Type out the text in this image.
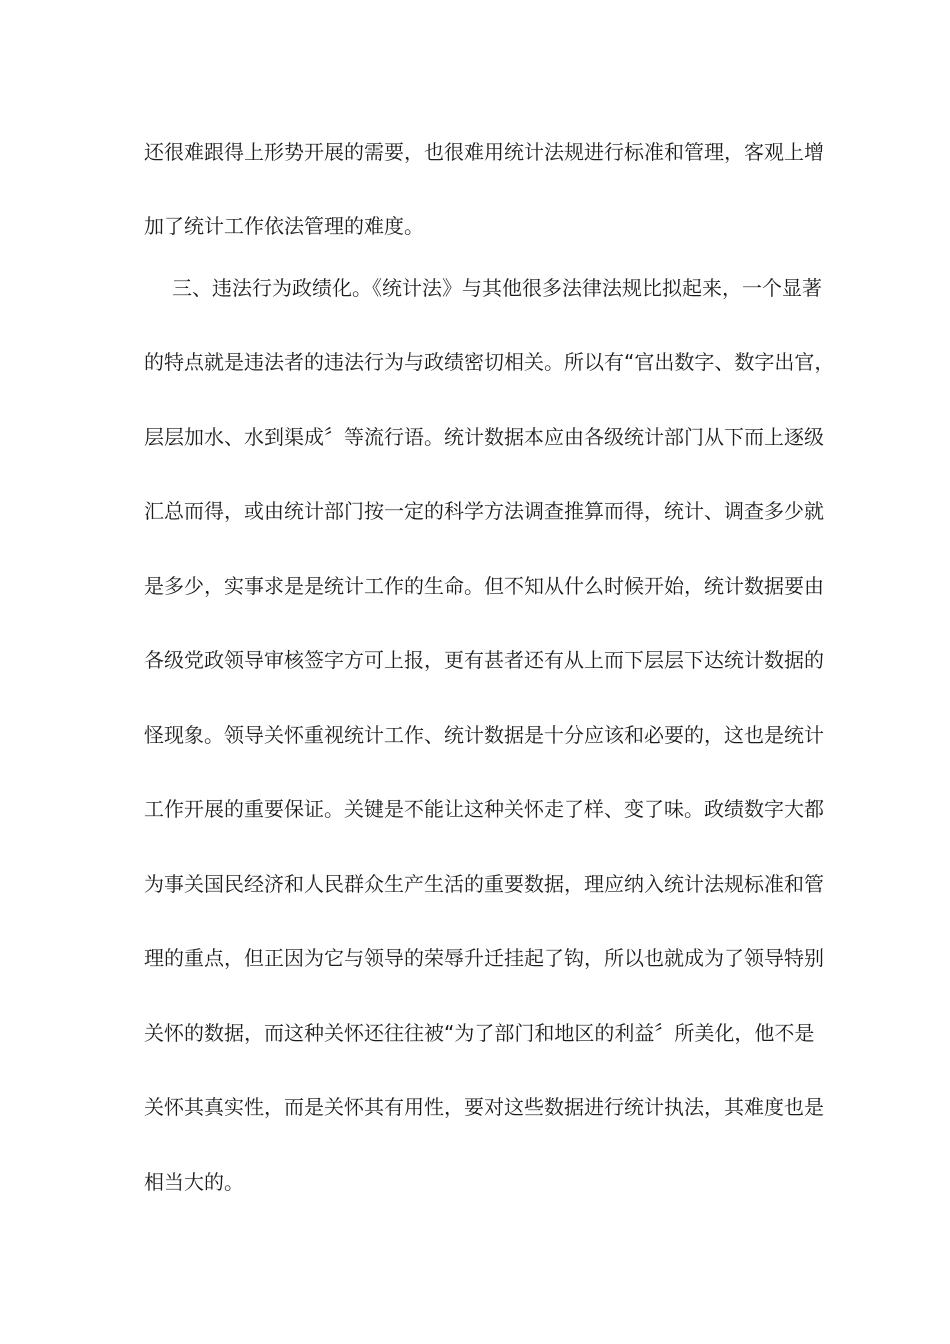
还很难跟得上形势开展的需要，也很难用统计法规进行标准和管理，客观上增
加了统计工作依法管理的难度。
三、违法行为政绩化。《统计法》与其他很多法律法规比拟起来，一个显著
的特点就是违法者的违法行为与政绩密切相关。所以有“官出数字、数字出官，
层层加水、水到渠成〞等流行语。统计数据本应由各级统计部门从下而上逐级
汇总而得，或由统计部门按一定的科学方法调查推算而得，统计、调查多少就
是多少，实事求是是统计工作的生命。但不知从什么时候开始，统计数据要由
各级党政领导审核签字方可上报，更有甚者还有从上而下层层下达统计数据的
怪现象。领导关怀重视统计工作、统计数据是十分应该和必要的，这也是统计
工作开展的重要保证。关键是不能让这种关怀走了样、变了味。政绩数字大都
为事关国民经济和人民群众生产生活的重要数据，理应纳入统计法规标准和管
理的重点，但正因为它与领导的荣辱升迁挂起了钩，所以也就成为了领导特别
关怀的数据，而这种关怀还往往被“为了部门和地区的利益〞所美化，他不是
关怀其真实性，而是关怀其有用性，要对这些数据进行统计执法，其难度也是
相当大的。
